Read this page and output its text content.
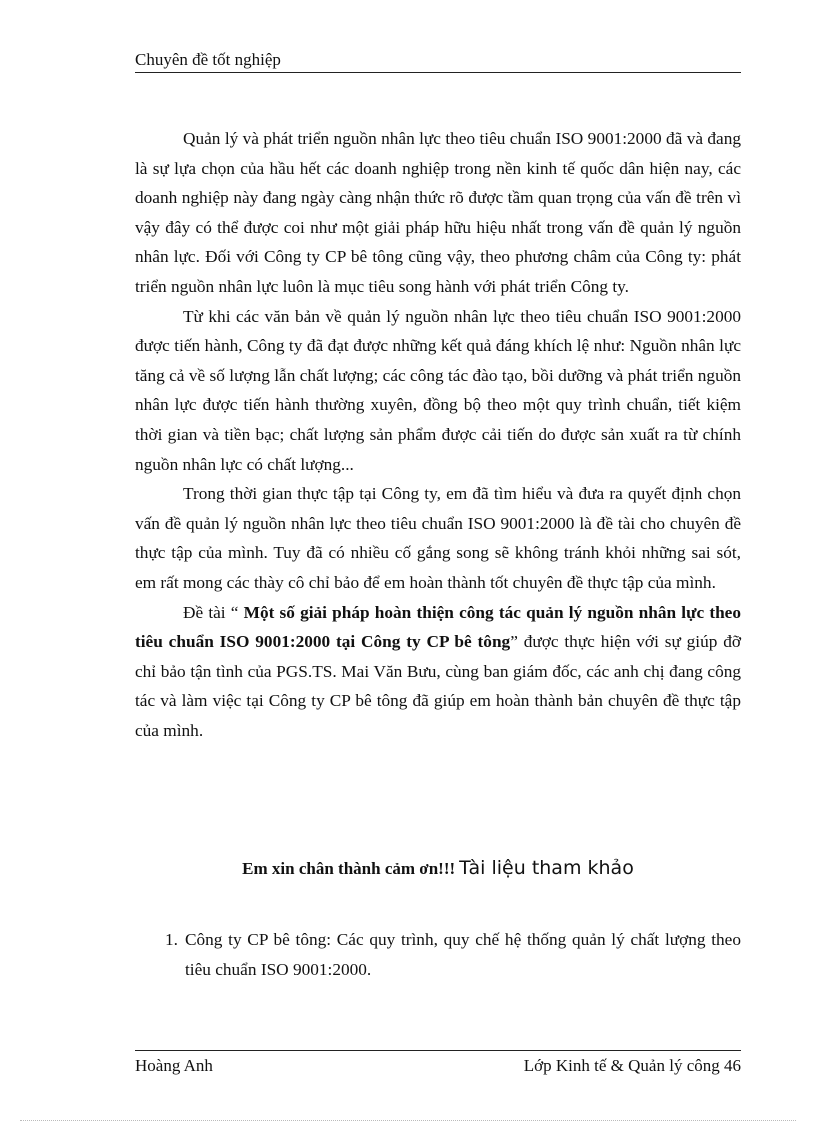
Chuyên đề tốt nghiệp

Quản lý và phát triển nguồn nhân lực theo tiêu chuẩn ISO 9001:2000 đã và đang là sự lựa chọn của hầu hết các doanh nghiệp trong nền kinh tế quốc dân hiện nay, các doanh nghiệp này đang ngày càng nhận thức rõ được tầm quan trọng của vấn đề trên vì vậy đây có thể được coi như một giải pháp hữu hiệu nhất trong vấn đề quản lý nguồn nhân lực. Đối với Công ty CP bê tông cũng vậy, theo phương châm của Công ty: phát triển nguồn nhân lực luôn là mục tiêu song hành với phát triển Công ty.

Từ khi các văn bản về quản lý nguồn nhân lực theo tiêu chuẩn ISO 9001:2000 được tiến hành, Công ty đã đạt được những kết quả đáng khích lệ như: Nguồn nhân lực tăng cả về số lượng lẫn chất lượng; các công tác đào tạo, bồi dưỡng và phát triển nguồn nhân lực được tiến hành thường xuyên, đồng bộ theo một quy trình chuẩn, tiết kiệm thời gian và tiền bạc; chất lượng sản phẩm được cải tiến do được sản xuất ra từ chính nguồn nhân lực có chất lượng...

Trong thời gian thực tập tại Công ty, em đã tìm hiểu và đưa ra quyết định chọn vấn đề quản lý nguồn nhân lực theo tiêu chuẩn ISO 9001:2000 là đề tài cho chuyên đề thực tập của mình. Tuy đã có nhiều cố gắng song sẽ không tránh khỏi những sai sót, em rất mong các thày cô chỉ bảo để em hoàn thành tốt chuyên đề thực tập của mình.

Đề tài “ Một số giải pháp hoàn thiện công tác quản lý nguồn nhân lực theo tiêu chuẩn ISO 9001:2000 tại Công ty CP bê tông” được thực hiện với sự giúp đỡ chỉ bảo tận tình của PGS.TS. Mai Văn Bưu, cùng ban giám đốc, các anh chị đang công tác và làm việc tại Công ty CP bê tông đã giúp em hoàn thành bản chuyên đề thực tập của mình.

Em xin chân thành cảm ơn!!! Tài liệu tham khảo
1. Công ty CP bê tông: Các quy trình, quy chế hệ thống quản lý chất lượng theo tiêu chuẩn ISO 9001:2000.
Hoàng Anh	Lớp Kinh tế & Quản lý công 46
